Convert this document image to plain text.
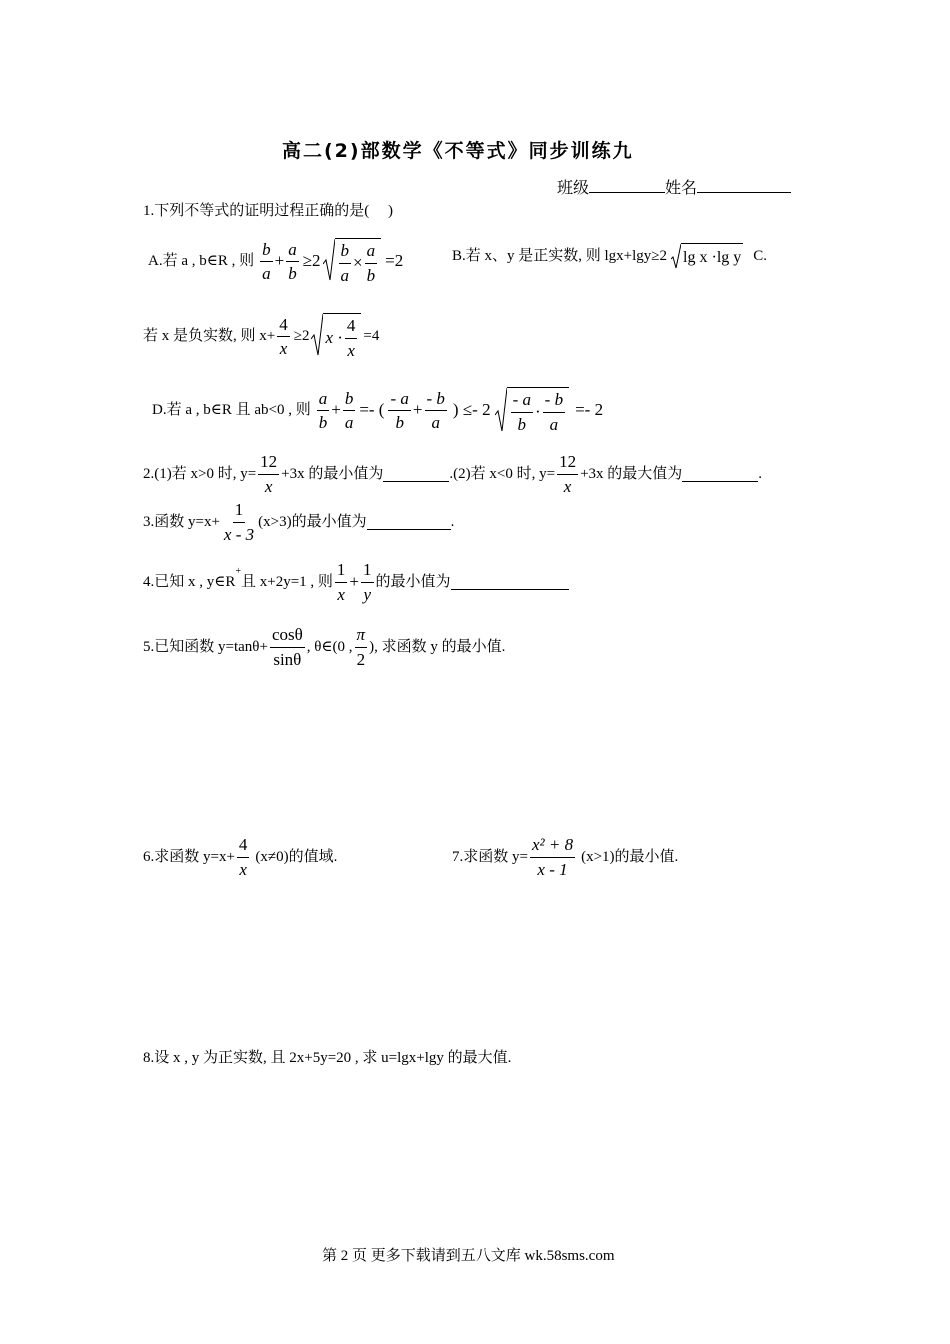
高二(2)部数学《不等式》同步训练九
班级	姓名
1.下列不等式的证明过程正确的是(　 )
A.若 a , b∈R , 则
b
a
+ $\frac{a}{b} \ge 2 \frac{b}{a} \times \frac{a}{b} =2$	B.若 x、y 是正实数, 则 lgx+lgy≥2 lg x ·lg y C.
若 x 是负实数, 则 $x+ \frac{4}{x} \ge 2$ x ·
4
x
=4
D.若 a , b∈R 且 ab<0 , 则
a
b
+ $\frac{b}{a}$ =- (
- a
b
+ $\frac{- b}{a}$ ) ≤- 2
- a
b
·
- b
a
=- 2
2.(1)若 x>0 时, $y= \frac{12}{x} +3x$ 的最小值为	.(2)若 x<0 时, $y= \frac{12}{x} +3x$ 的最大值为	.
3.函数 $y=x+ \frac{1}{x - 3} (x>3)$的最小值为	.
4.已知 x , y∈R
+
且 x+2y=1 , 则
1
x
+ $\frac{1}{y}$ 的最小值为
5.已知函数 $y=\tan\theta+ \frac{\cos\theta}{\sin\theta}$ , θ∈(0 ,
π
2
), 求函数 y 的最小值.
6.求函数 $y=x+ \frac{4}{x} (x\ne 0)$的值域.	7.求函数 $y= \frac{\text{x² + 8}}{x - 1} (x>1)$的最小值.
8.设 x , y 为正实数, 且 2x+5y=20 , 求 u=lgx+lgy 的最大值.
第 2 页 更多下载请到五八文库 wk.58sms.com
